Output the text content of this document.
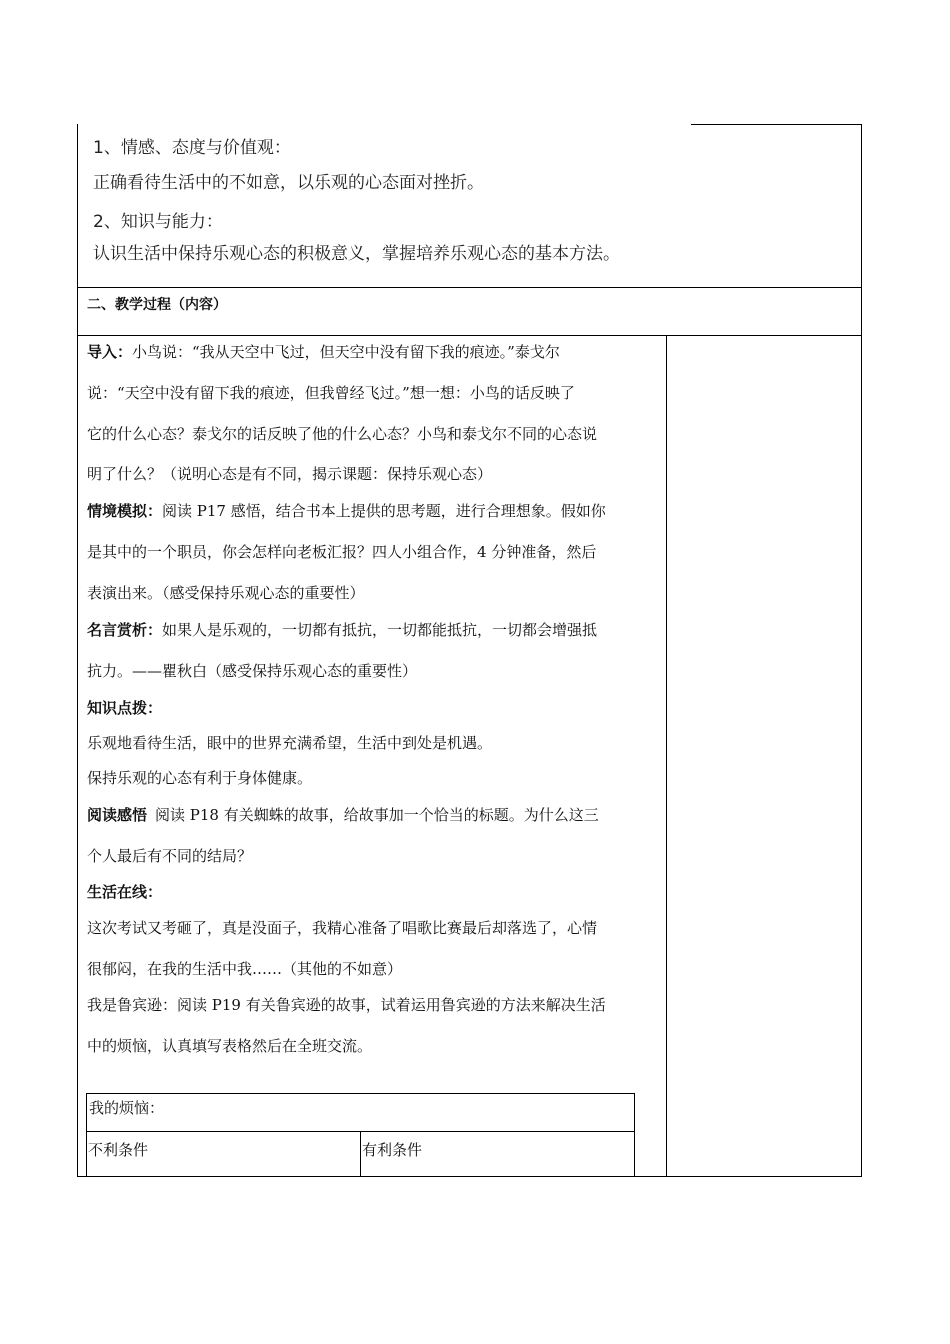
1、情感、态度与价值观：
正确看待生活中的不如意，以乐观的心态面对挫折。
2、知识与能力：
认识生活中保持乐观心态的积极意义，掌握培养乐观心态的基本方法。
二、教学过程（内容）
导入：小鸟说：“我从天空中飞过，但天空中没有留下我的痕迹。”泰戈尔
说：“天空中没有留下我的痕迹，但我曾经飞过。”想一想：小鸟的话反映了
它的什么心态？泰戈尔的话反映了他的什么心态？小鸟和泰戈尔不同的心态说
明了什么？（说明心态是有不同，揭示课题：保持乐观心态）
情境模拟：阅读 P17 感悟，结合书本上提供的思考题，进行合理想象。假如你
是其中的一个职员，你会怎样向老板汇报？四人小组合作，4 分钟准备，然后
表演出来。（感受保持乐观心态的重要性）
名言赏析：如果人是乐观的，一切都有抵抗，一切都能抵抗，一切都会增强抵
抗力。——瞿秋白（感受保持乐观心态的重要性）
知识点拨：
乐观地看待生活，眼中的世界充满希望，生活中到处是机遇。
保持乐观的心态有利于身体健康。
阅读感悟 阅读 P18 有关蜘蛛的故事，给故事加一个恰当的标题。为什么这三
个人最后有不同的结局？
生活在线：
这次考试又考砸了，真是没面子，我精心准备了唱歌比赛最后却落选了，心情
很郁闷，在我的生活中我……（其他的不如意）
我是鲁宾逊：阅读 P19 有关鲁宾逊的故事，试着运用鲁宾逊的方法来解决生活
中的烦恼，认真填写表格然后在全班交流。
我的烦恼：
不利条件	有利条件
